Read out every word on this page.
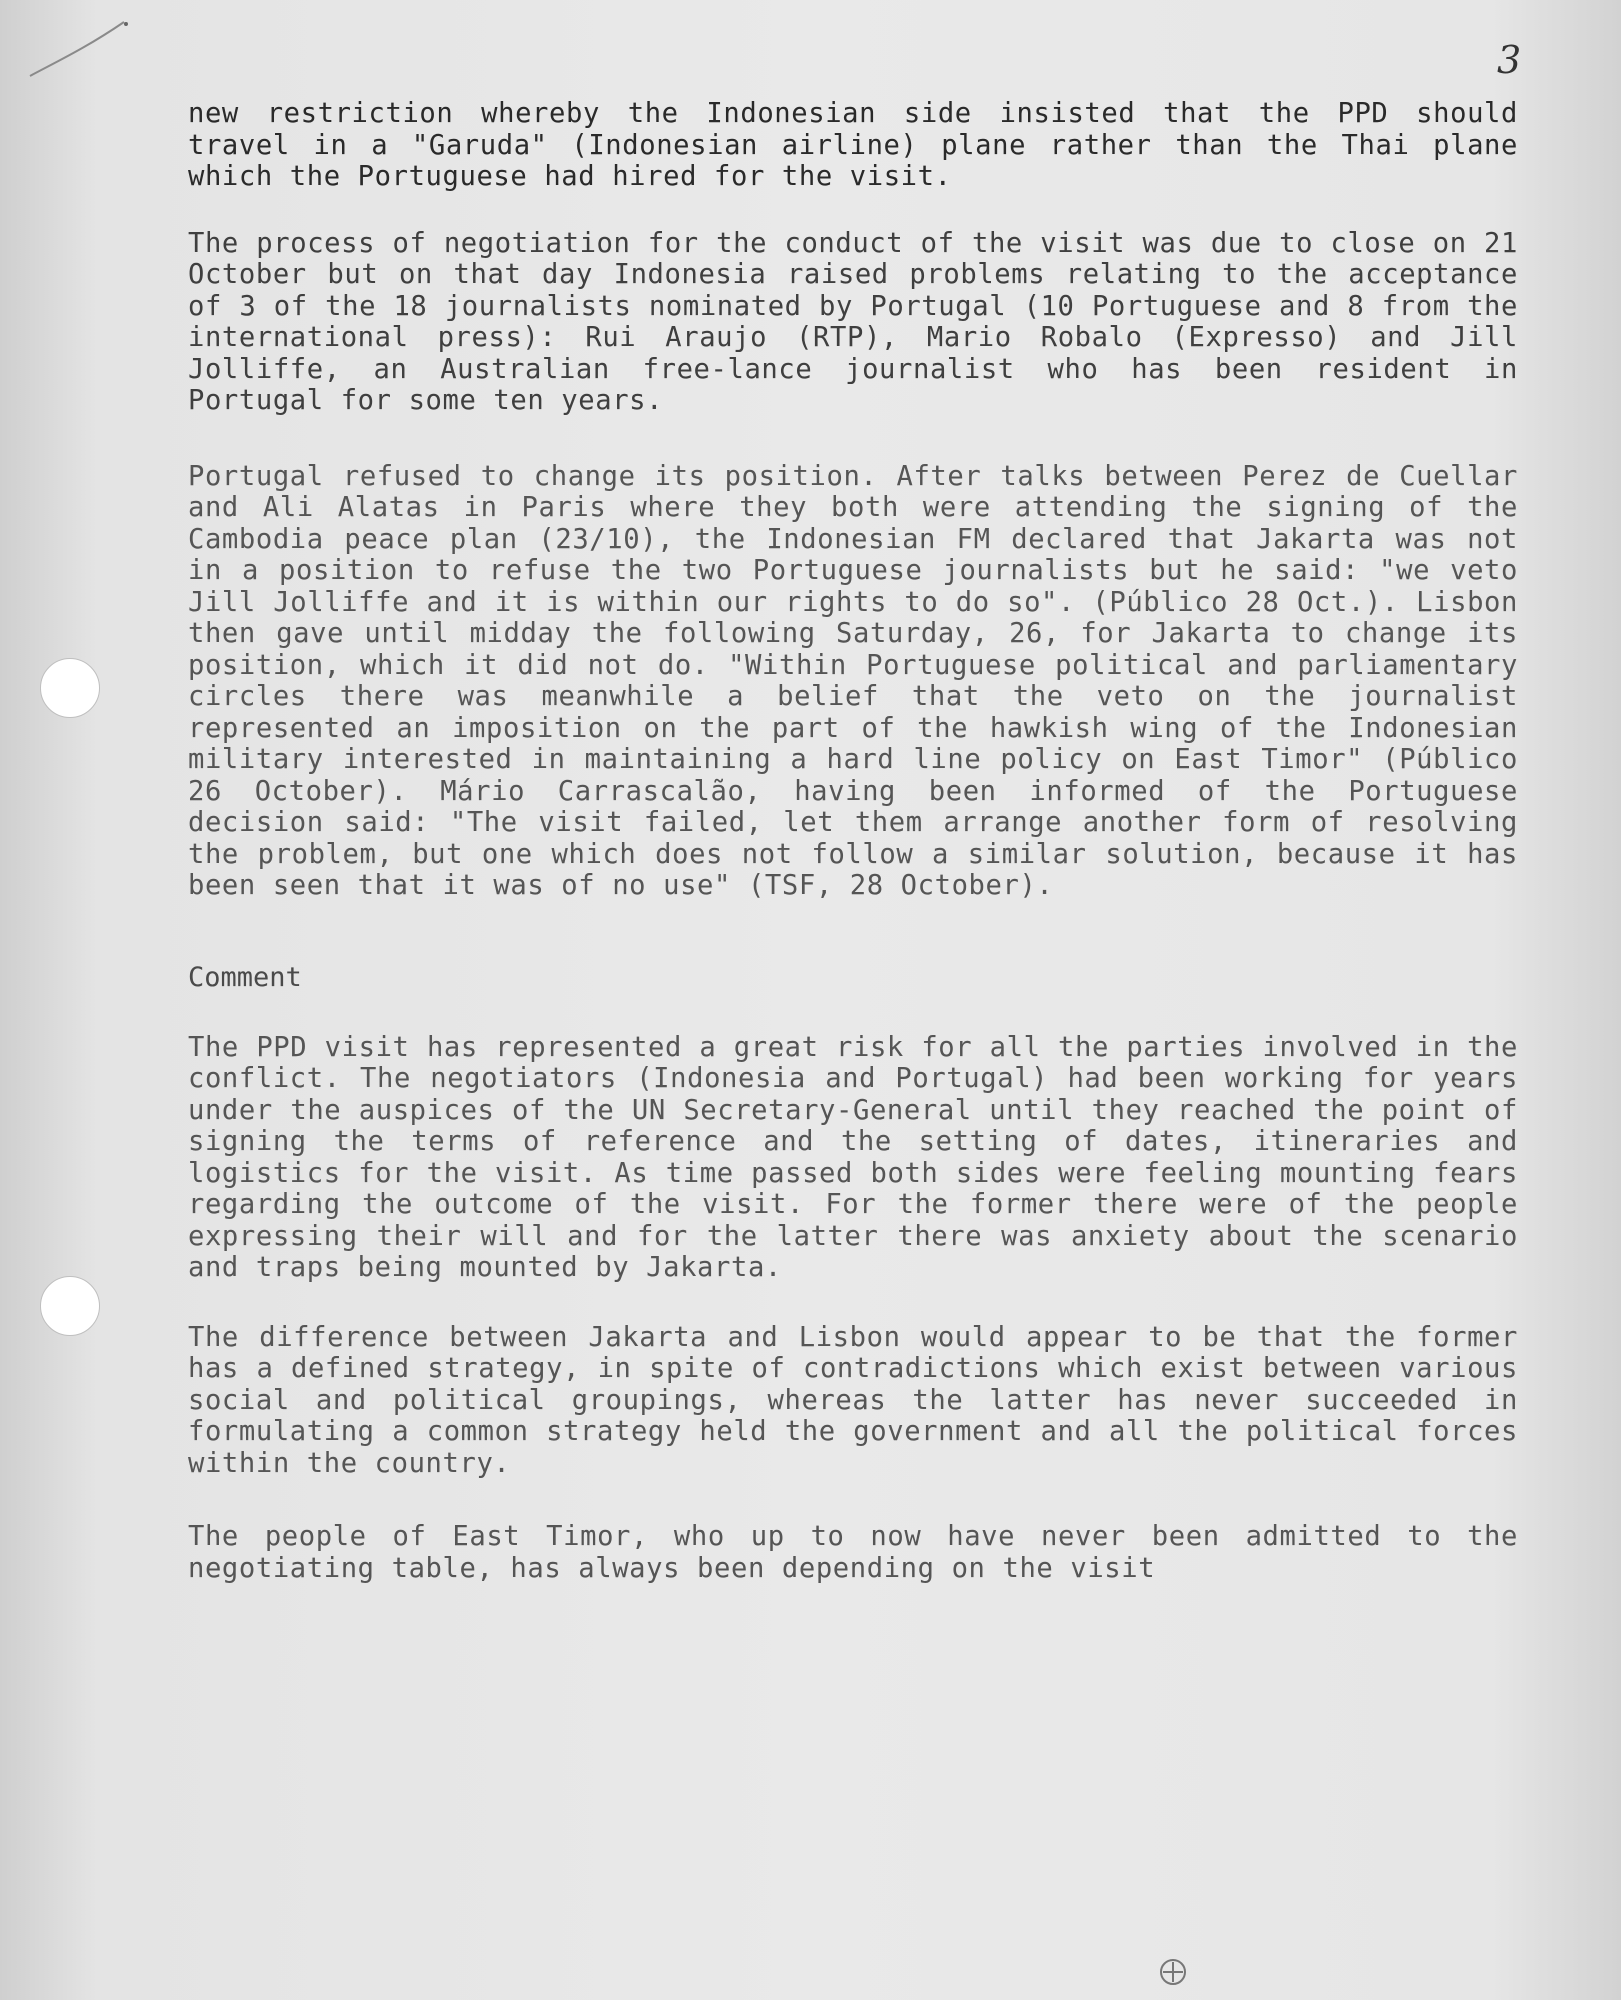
3

new restriction whereby the Indonesian side insisted that the PPD should travel in a "Garuda" (Indonesian airline) plane rather than the Thai plane which the Portuguese had hired for the visit.

The process of negotiation for the conduct of the visit was due to close on 21 October but on that day Indonesia raised problems relating to the acceptance of 3 of the 18 journalists nominated by Portugal (10 Portuguese and 8 from the international press): Rui Araujo (RTP), Mario Robalo (Expresso) and Jill Jolliffe, an Australian free-lance journalist who has been resident in Portugal for some ten years.

Portugal refused to change its position. After talks between Perez de Cuellar and Ali Alatas in Paris where they both were attending the signing of the Cambodia peace plan (23/10), the Indonesian FM declared that Jakarta was not in a position to refuse the two Portuguese journalists but he said: "we veto Jill Jolliffe and it is within our rights to do so". (Público 28 Oct.). Lisbon then gave until midday the following Saturday, 26, for Jakarta to change its position, which it did not do. "Within Portuguese political and parliamentary circles there was meanwhile a belief that the veto on the journalist represented an imposition on the part of the hawkish wing of the Indonesian military interested in maintaining a hard line policy on East Timor" (Público 26 October). Mário Carrascalão, having been informed of the Portuguese decision said: "The visit failed, let them arrange another form of resolving the problem, but one which does not follow a similar solution, because it has been seen that it was of no use" (TSF, 28 October).

Comment

The PPD visit has represented a great risk for all the parties involved in the conflict. The negotiators (Indonesia and Portugal) had been working for years under the auspices of the UN Secretary-General until they reached the point of signing the terms of reference and the setting of dates, itineraries and logistics for the visit. As time passed both sides were feeling mounting fears regarding the outcome of the visit. For the former there were of the people expressing their will and for the latter there was anxiety about the scenario and traps being mounted by Jakarta.

The difference between Jakarta and Lisbon would appear to be that the former has a defined strategy, in spite of contradictions which exist between various social and political groupings, whereas the latter has never succeeded in formulating a common strategy held the government and all the political forces within the country.

The people of East Timor, who up to now have never been admitted to the negotiating table, has always been depending on the visit
